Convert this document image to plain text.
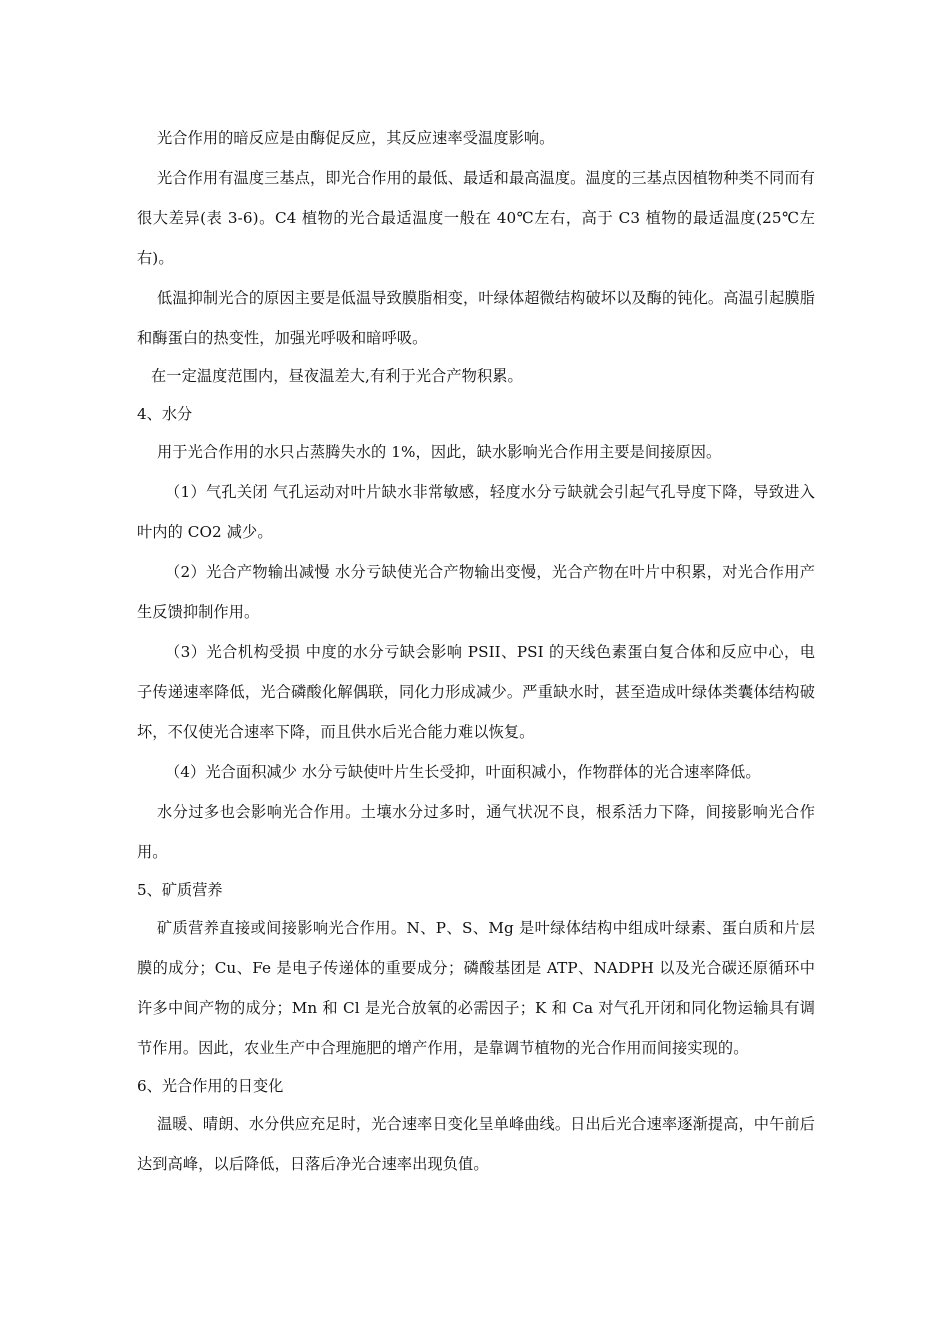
光合作用的暗反应是由酶促反应，其反应速率受温度影响。

光合作用有温度三基点，即光合作用的最低、最适和最高温度。温度的三基点因植物种类不同而有很大差异(表 3-6)。C4 植物的光合最适温度一般在 40℃左右，高于 C3 植物的最适温度(25℃左右)。

低温抑制光合的原因主要是低温导致膜脂相变，叶绿体超微结构破坏以及酶的钝化。高温引起膜脂和酶蛋白的热变性，加强光呼吸和暗呼吸。

在一定温度范围内，昼夜温差大,有利于光合产物积累。

4、水分

用于光合作用的水只占蒸腾失水的 1%，因此，缺水影响光合作用主要是间接原因。

（1）气孔关闭 气孔运动对叶片缺水非常敏感，轻度水分亏缺就会引起气孔导度下降，导致进入叶内的 CO2 减少。

（2）光合产物输出减慢 水分亏缺使光合产物输出变慢，光合产物在叶片中积累，对光合作用产生反馈抑制作用。

（3）光合机构受损 中度的水分亏缺会影响 PSII、PSI 的天线色素蛋白复合体和反应中心，电子传递速率降低，光合磷酸化解偶联，同化力形成减少。严重缺水时，甚至造成叶绿体类囊体结构破坏，不仅使光合速率下降，而且供水后光合能力难以恢复。

（4）光合面积减少 水分亏缺使叶片生长受抑，叶面积减小，作物群体的光合速率降低。

水分过多也会影响光合作用。土壤水分过多时，通气状况不良，根系活力下降，间接影响光合作用。

5、矿质营养

矿质营养直接或间接影响光合作用。N、P、S、Mg 是叶绿体结构中组成叶绿素、蛋白质和片层膜的成分；Cu、Fe 是电子传递体的重要成分；磷酸基团是 ATP、NADPH 以及光合碳还原循环中许多中间产物的成分；Mn 和 Cl 是光合放氧的必需因子；K 和 Ca 对气孔开闭和同化物运输具有调节作用。因此，农业生产中合理施肥的增产作用，是靠调节植物的光合作用而间接实现的。

6、光合作用的日变化

温暖、晴朗、水分供应充足时，光合速率日变化呈单峰曲线。日出后光合速率逐渐提高，中午前后达到高峰，以后降低，日落后净光合速率出现负值。
